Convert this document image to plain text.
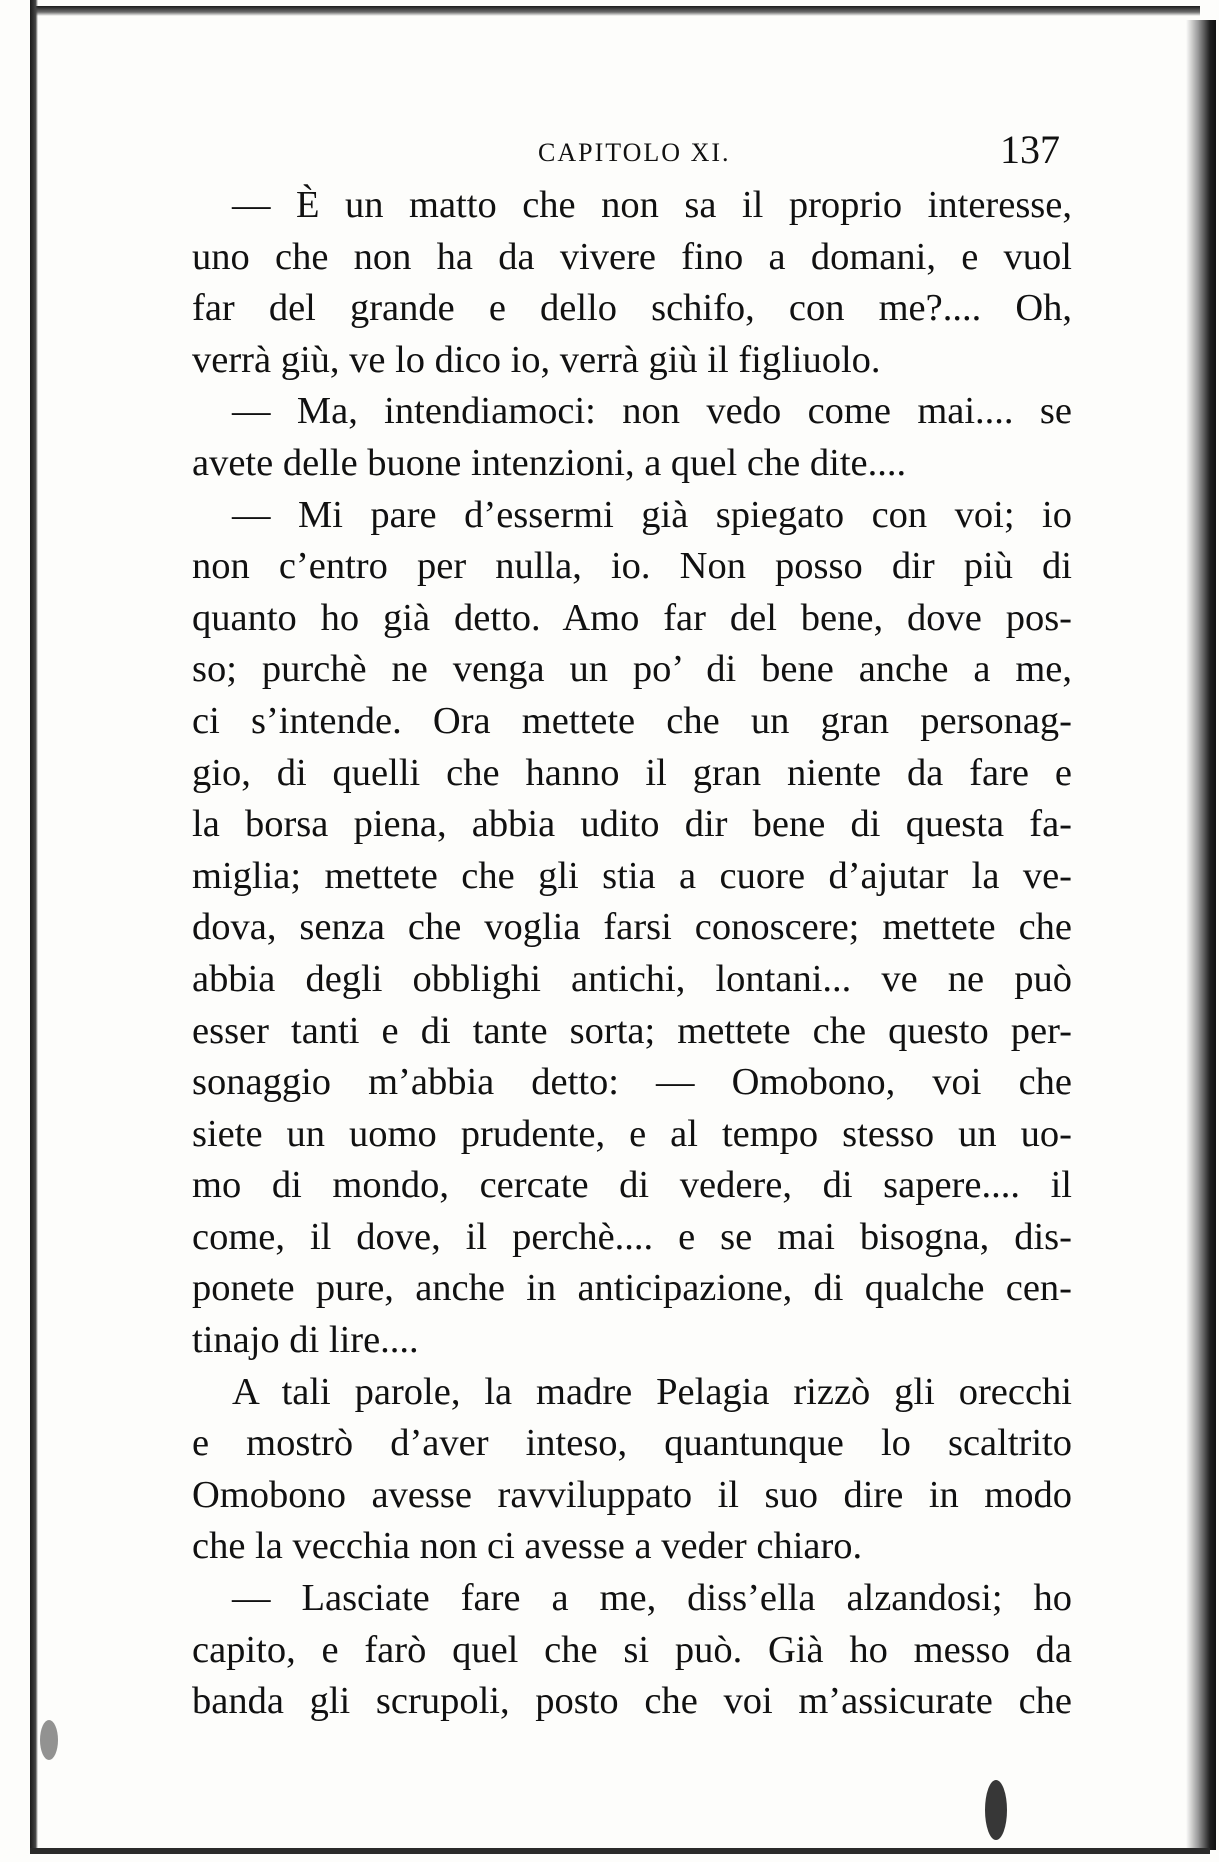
CAPITOLO XI.	137
— È un matto che non sa il proprio interesse,
uno che non ha da vivere fino a domani, e vuol
far del grande e dello schifo, con me?.... Oh,
verrà giù, ve lo dico io, verrà giù il figliuolo.
— Ma, intendiamoci: non vedo come mai.... se
avete delle buone intenzioni, a quel che dite....
— Mi pare d’essermi già spiegato con voi; io
non c’entro per nulla, io. Non posso dir più di
quanto ho già detto. Amo far del bene, dove pos-
so; purchè ne venga un po’ di bene anche a me,
ci s’intende. Ora mettete che un gran personag-
gio, di quelli che hanno il gran niente da fare e
la borsa piena, abbia udito dir bene di questa fa-
miglia; mettete che gli stia a cuore d’ajutar la ve-
dova, senza che voglia farsi conoscere; mettete che
abbia degli obblighi antichi, lontani... ve ne può
esser tanti e di tante sorta; mettete che questo per-
sonaggio m’abbia detto: — Omobono, voi che
siete un uomo prudente, e al tempo stesso un uo-
mo di mondo, cercate di vedere, di sapere.... il
come, il dove, il perchè.... e se mai bisogna, dis-
ponete pure, anche in anticipazione, di qualche cen-
tinajo di lire....
A tali parole, la madre Pelagia rizzò gli orecchi
e mostrò d’aver inteso, quantunque lo scaltrito
Omobono avesse ravviluppato il suo dire in modo
che la vecchia non ci avesse a veder chiaro.
— Lasciate fare a me, diss’ella alzandosi; ho
capito, e farò quel che si può. Già ho messo da
banda gli scrupoli, posto che voi m’assicurate che
